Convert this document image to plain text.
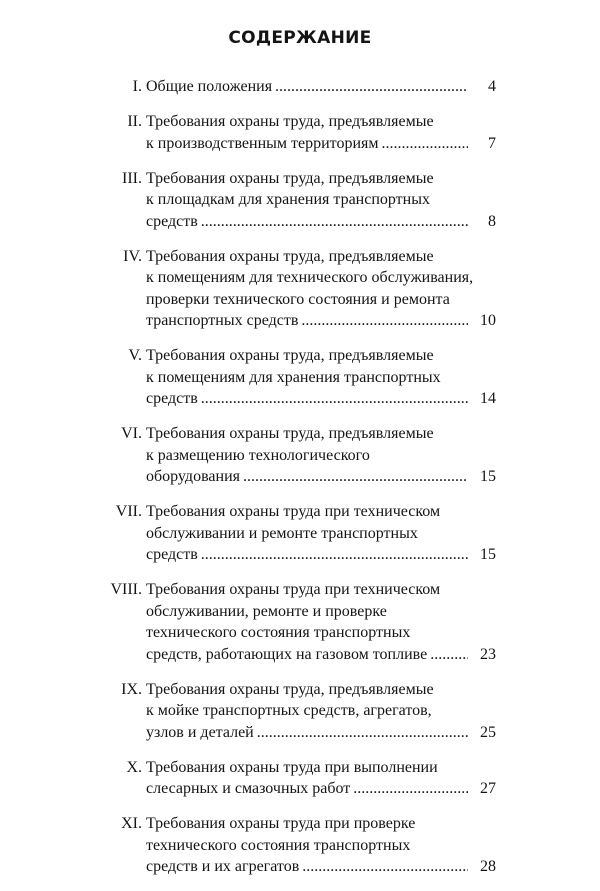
СОДЕРЖАНИЕ
I. Общие положения .....	4
II. Требования охраны труда, предъявляемые
к производственным территориям .....	7
III. Требования охраны труда, предъявляемые
к площадкам для хранения транспортных
средств .....	8
IV. Требования охраны труда, предъявляемые
к помещениям для технического обслуживания,
проверки технического состояния и ремонта
транспортных средств .....	10
V. Требования охраны труда, предъявляемые
к помещениям для хранения транспортных
средств .....	14
VI. Требования охраны труда, предъявляемые
к размещению технологического
оборудования .....	15
VII. Требования охраны труда при техническом
обслуживании и ремонте транспортных
средств .....	15
VIII. Требования охраны труда при техническом
обслуживании, ремонте и проверке
технического состояния транспортных
средств, работающих на газовом топливе .....	23
IX. Требования охраны труда, предъявляемые
к мойке транспортных средств, агрегатов,
узлов и деталей .....	25
X. Требования охраны труда при выполнении
слесарных и смазочных работ .....	27
XI. Требования охраны труда при проверке
технического состояния транспортных
средств и их агрегатов .....	28
